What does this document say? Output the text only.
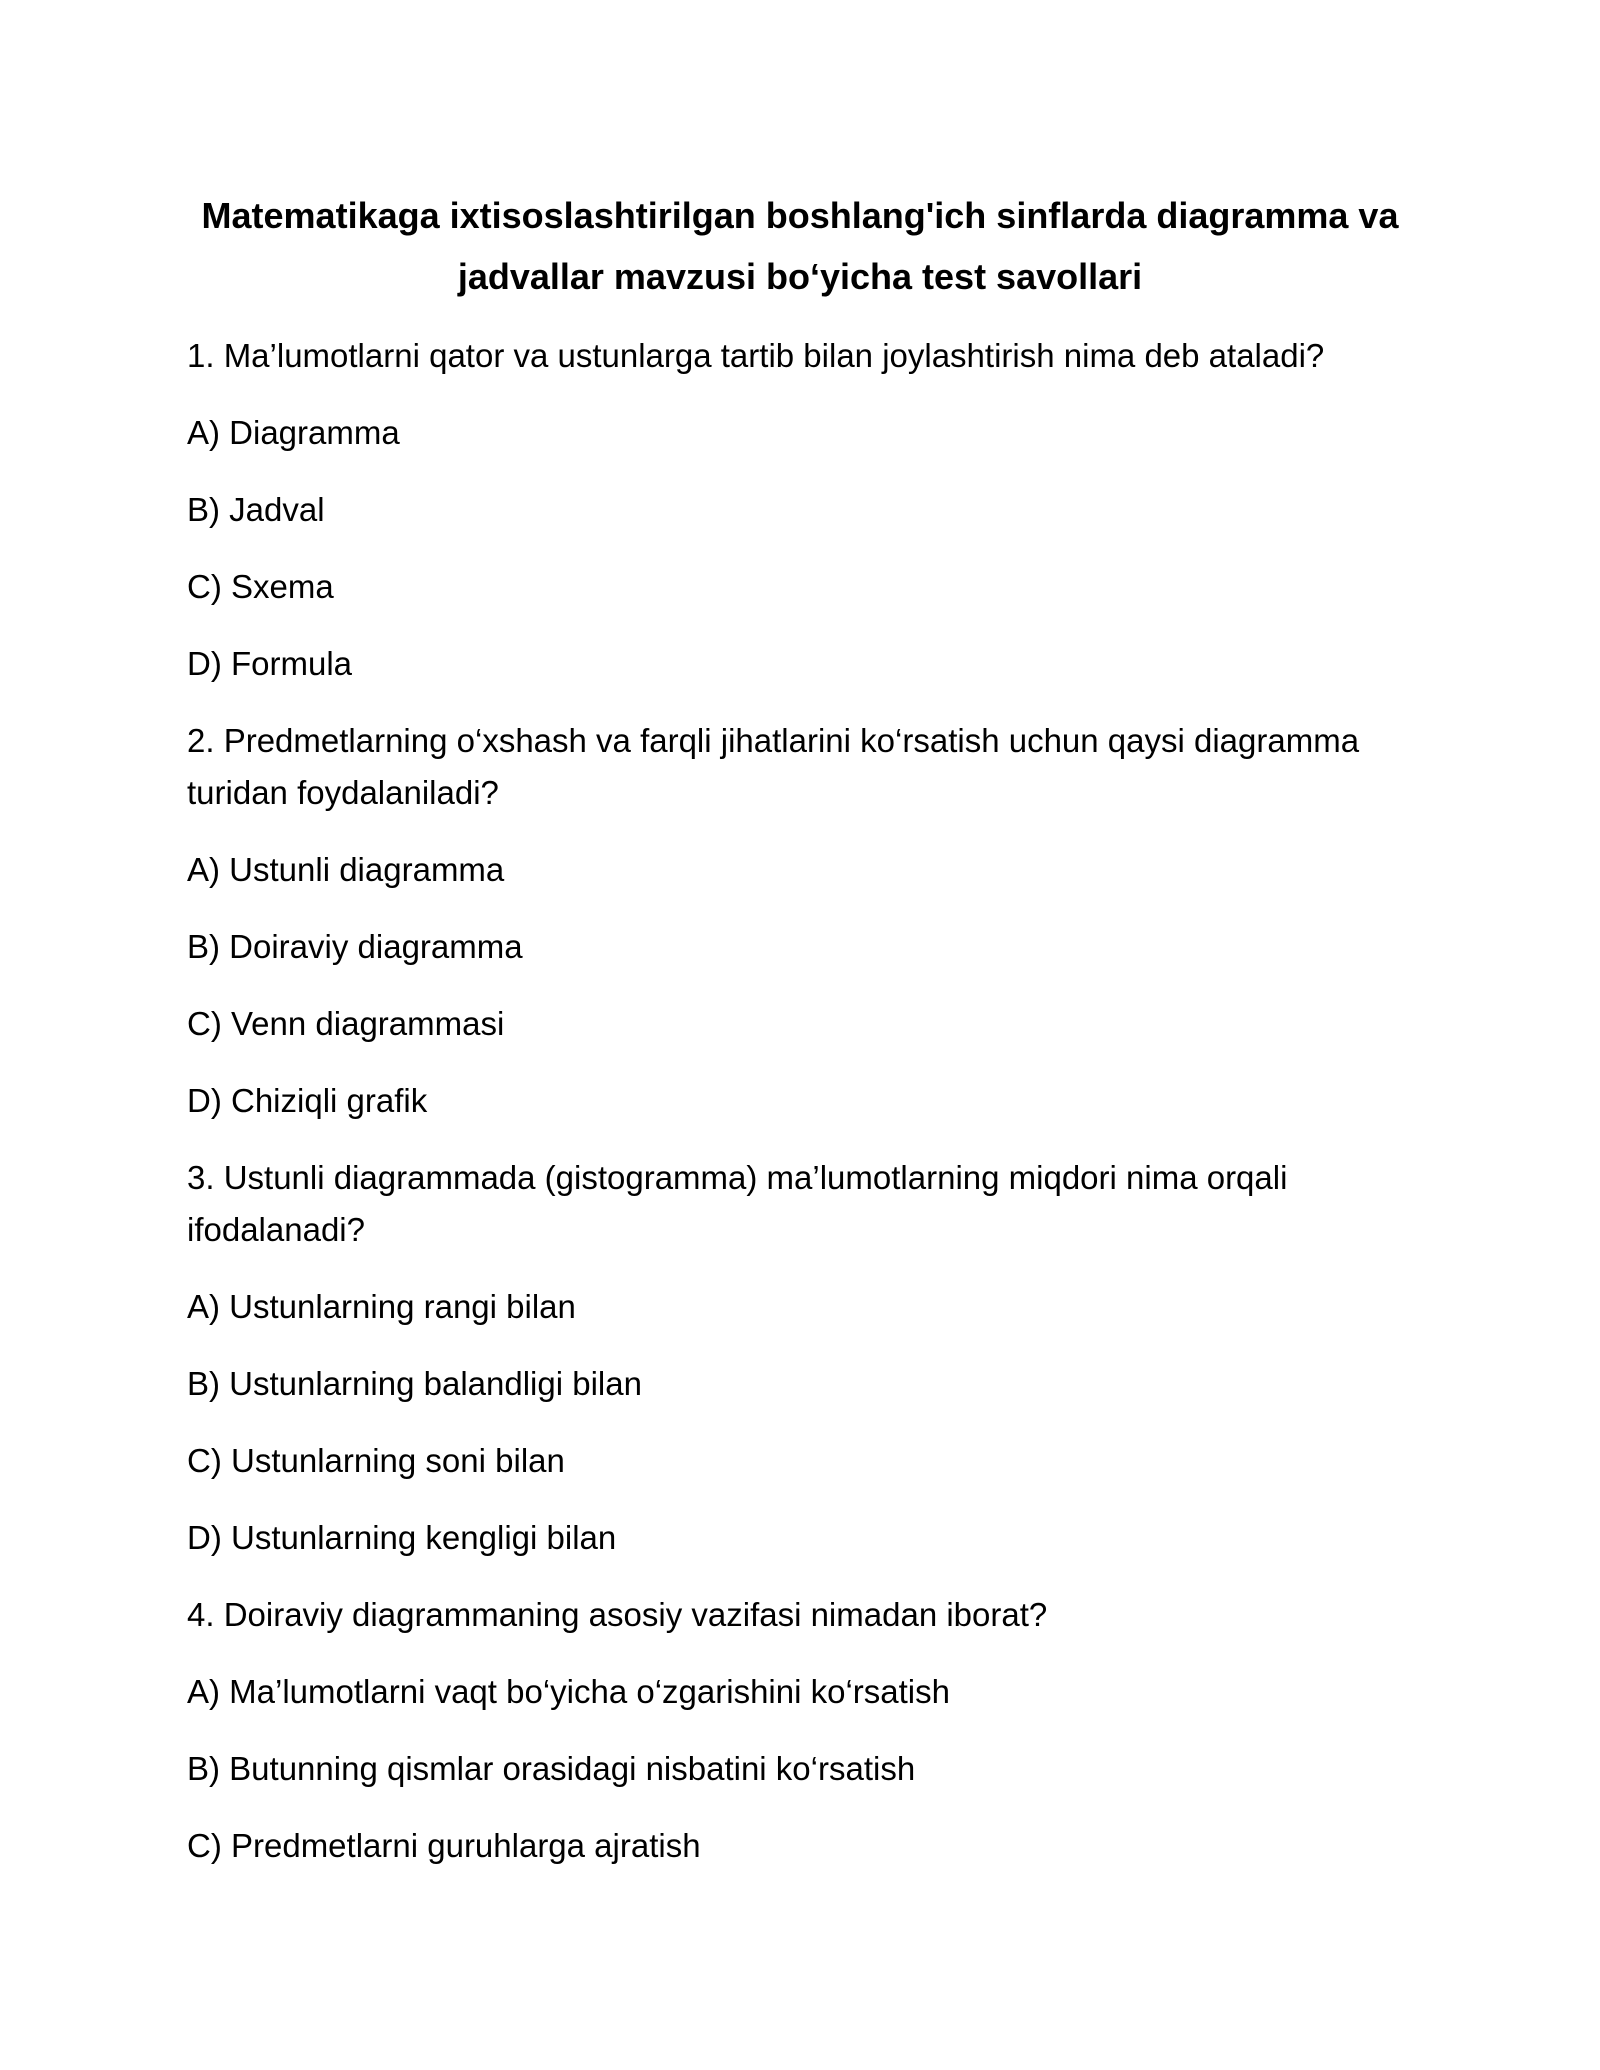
Matematikaga ixtisoslashtirilgan boshlang'ich sinflarda diagramma va
jadvallar mavzusi bo‘yicha test savollari
1. Ma’lumotlarni qator va ustunlarga tartib bilan joylashtirish nima deb ataladi?
A) Diagramma
B) Jadval
C) Sxema
D) Formula
2. Predmetlarning o‘xshash va farqli jihatlarini ko‘rsatish uchun qaysi diagramma
turidan foydalaniladi?
A) Ustunli diagramma
B) Doiraviy diagramma
C) Venn diagrammasi
D) Chiziqli grafik
3. Ustunli diagrammada (gistogramma) ma’lumotlarning miqdori nima orqali
ifodalanadi?
A) Ustunlarning rangi bilan
B) Ustunlarning balandligi bilan
C) Ustunlarning soni bilan
D) Ustunlarning kengligi bilan
4. Doiraviy diagrammaning asosiy vazifasi nimadan iborat?
A) Ma’lumotlarni vaqt bo‘yicha o‘zgarishini ko‘rsatish
B) Butunning qismlar orasidagi nisbatini ko‘rsatish
C) Predmetlarni guruhlarga ajratish
